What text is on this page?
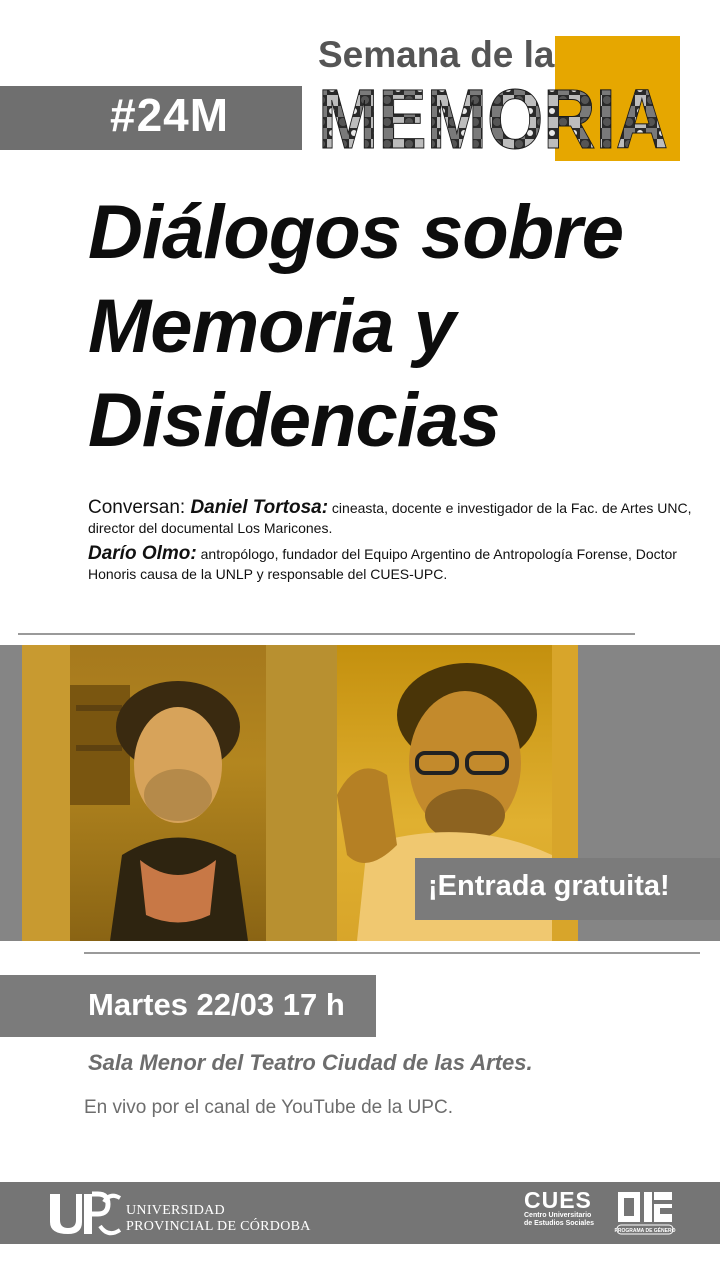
#24M
Semana de la
MEMORIA
Diálogos sobre
Memoria y
Disidencias

Conversan: Daniel Tortosa: cineasta, docente e investigador de la Fac. de Artes UNC, director del documental Los Maricones.

Darío Olmo: antropólogo, fundador del Equipo Argentino de Antropología Forense, Doctor Honoris causa de la UNLP y responsable del CUES-UPC.

¡Entrada gratuita!
Martes 22/03 17 h
Sala Menor del Teatro Ciudad de las Artes.
En vivo por el canal de YouTube de la UPC.
UNIVERSIDAD
PROVINCIAL DE CÓRDOBA
CUES
Centro Universitario
de Estudios Sociales
PROGRAMA DE GÉNERO
